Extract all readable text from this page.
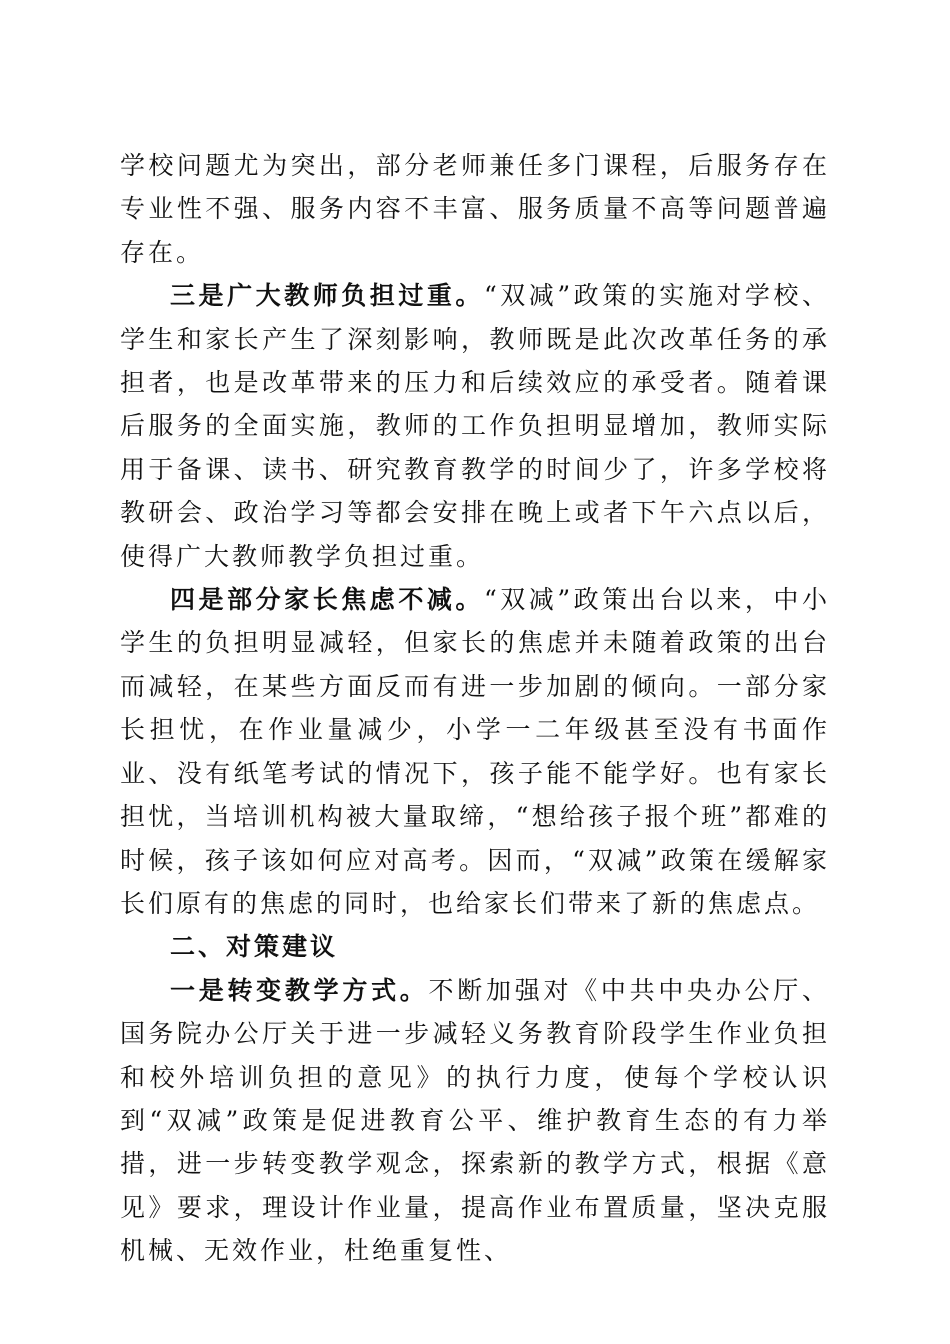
学校问题尤为突出，部分老师兼任多门课程，后服务存在专业性不强、服务内容不丰富、服务质量不高等问题普遍存在。

三是广大教师负担过重。“双减”政策的实施对学校、学生和家长产生了深刻影响，教师既是此次改革任务的承担者，也是改革带来的压力和后续效应的承受者。随着课后服务的全面实施，教师的工作负担明显增加，教师实际用于备课、读书、研究教育教学的时间少了，许多学校将教研会、政治学习等都会安排在晚上或者下午六点以后，使得广大教师教学负担过重。

四是部分家长焦虑不减。“双减”政策出台以来，中小学生的负担明显减轻，但家长的焦虑并未随着政策的出台而减轻，在某些方面反而有进一步加剧的倾向。一部分家长担忧，在作业量减少，小学一二年级甚至没有书面作业、没有纸笔考试的情况下，孩子能不能学好。也有家长担忧，当培训机构被大量取缔，“想给孩子报个班”都难的时候，孩子该如何应对高考。因而，“双减”政策在缓解家长们原有的焦虑的同时，也给家长们带来了新的焦虑点。

二、对策建议

一是转变教学方式。不断加强对《中共中央办公厅、国务院办公厅关于进一步减轻义务教育阶段学生作业负担和校外培训负担的意见》的执行力度，使每个学校认识到“双减”政策是促进教育公平、维护教育生态的有力举措，进一步转变教学观念，探索新的教学方式，根据《意见》要求，理设计作业量，提高作业布置质量，坚决克服机械、无效作业，杜绝重复性、
